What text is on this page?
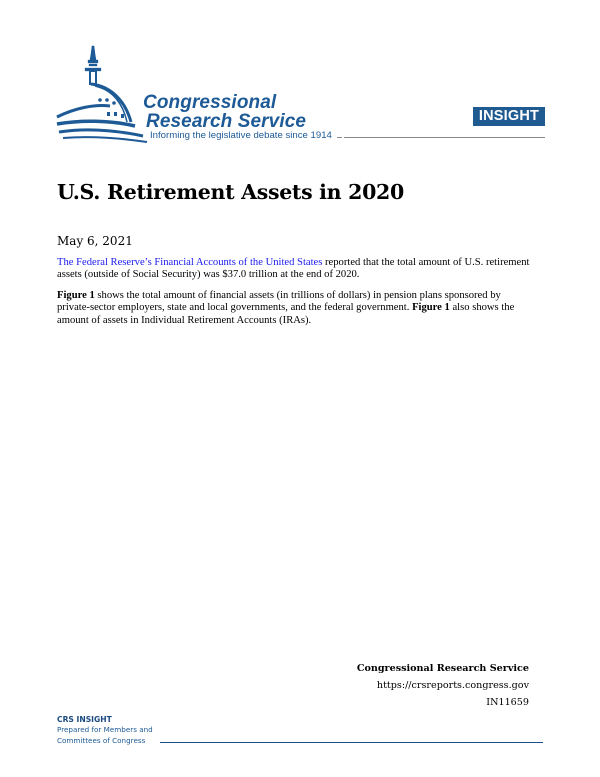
Congressional
Research Service
Informing the legislative debate since 1914
INSIGHT
U.S. Retirement Assets in 2020
May 6, 2021

The Federal Reserve’s Financial Accounts of the United States reported that the total amount of U.S. retirement assets (outside of Social Security) was $37.0 trillion at the end of 2020.

Figure 1 shows the total amount of financial assets (in trillions of dollars) in pension plans sponsored by private-sector employers, state and local governments, and the federal government. Figure 1 also shows the amount of assets in Individual Retirement Accounts (IRAs).

Congressional Research Service
https://crsreports.congress.gov
IN11659
CRS INSIGHT
Prepared for Members and
Committees of Congress
